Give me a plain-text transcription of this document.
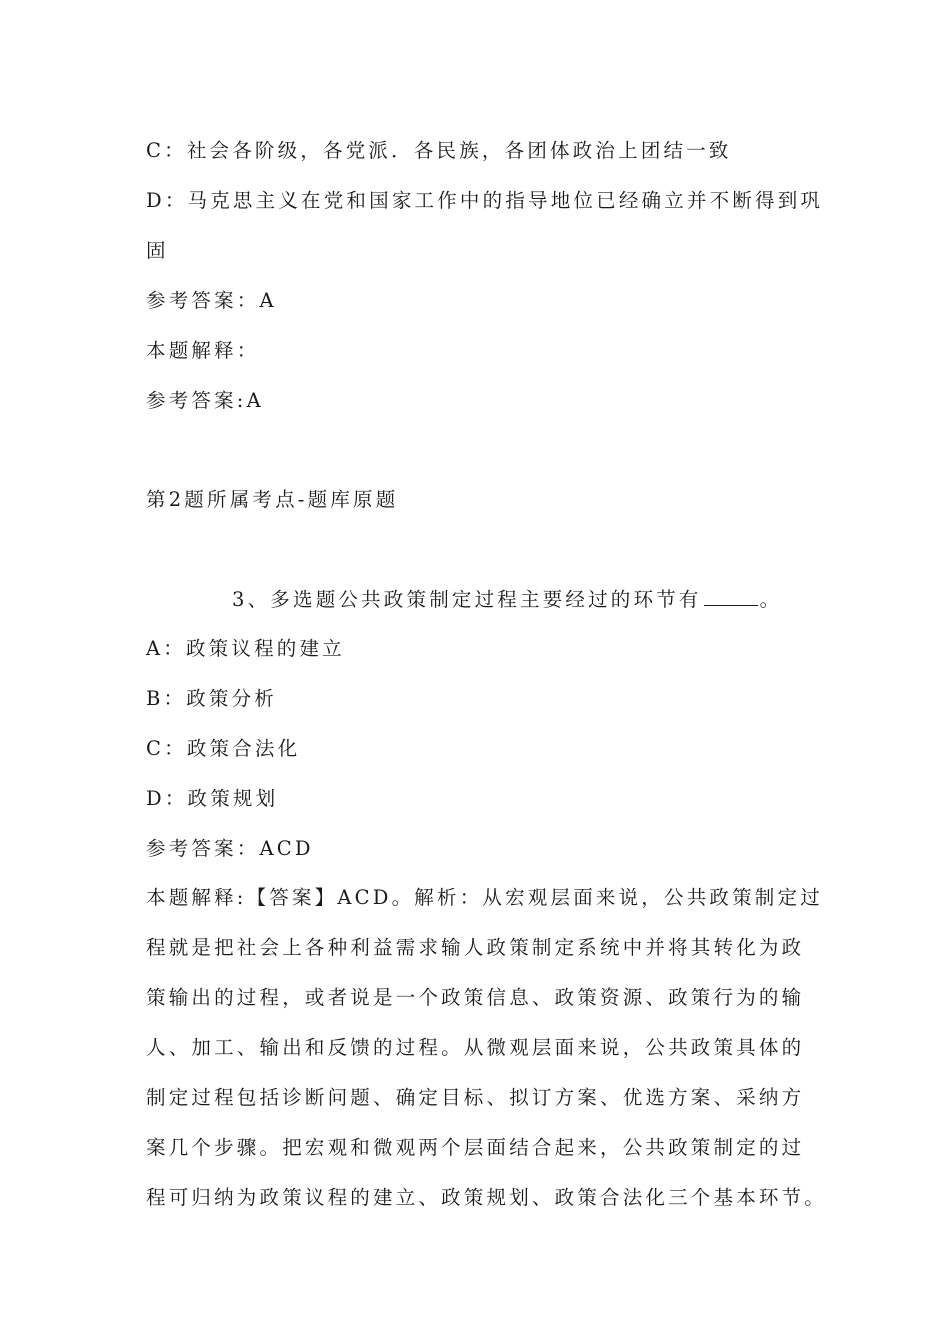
C：社会各阶级，各党派．各民族，各团体政治上团结一致
D：马克思主义在党和国家工作中的指导地位已经确立并不断得到巩
固
参考答案：A
本题解释：
参考答案:A
第2题所属考点-题库原题
3、多选题公共政策制定过程主要经过的环节有	。
A：政策议程的建立
B：政策分析
C：政策合法化
D：政策规划
参考答案：ACD
本题解释:【答案】ACD。解析：从宏观层面来说，公共政策制定过
程就是把社会上各种利益需求输人政策制定系统中并将其转化为政
策输出的过程，或者说是一个政策信息、政策资源、政策行为的输
人、加工、输出和反馈的过程。从微观层面来说，公共政策具体的
制定过程包括诊断问题、确定目标、拟订方案、优选方案、采纳方
案几个步骤。把宏观和微观两个层面结合起来，公共政策制定的过
程可归纳为政策议程的建立、政策规划、政策合法化三个基本环节。
